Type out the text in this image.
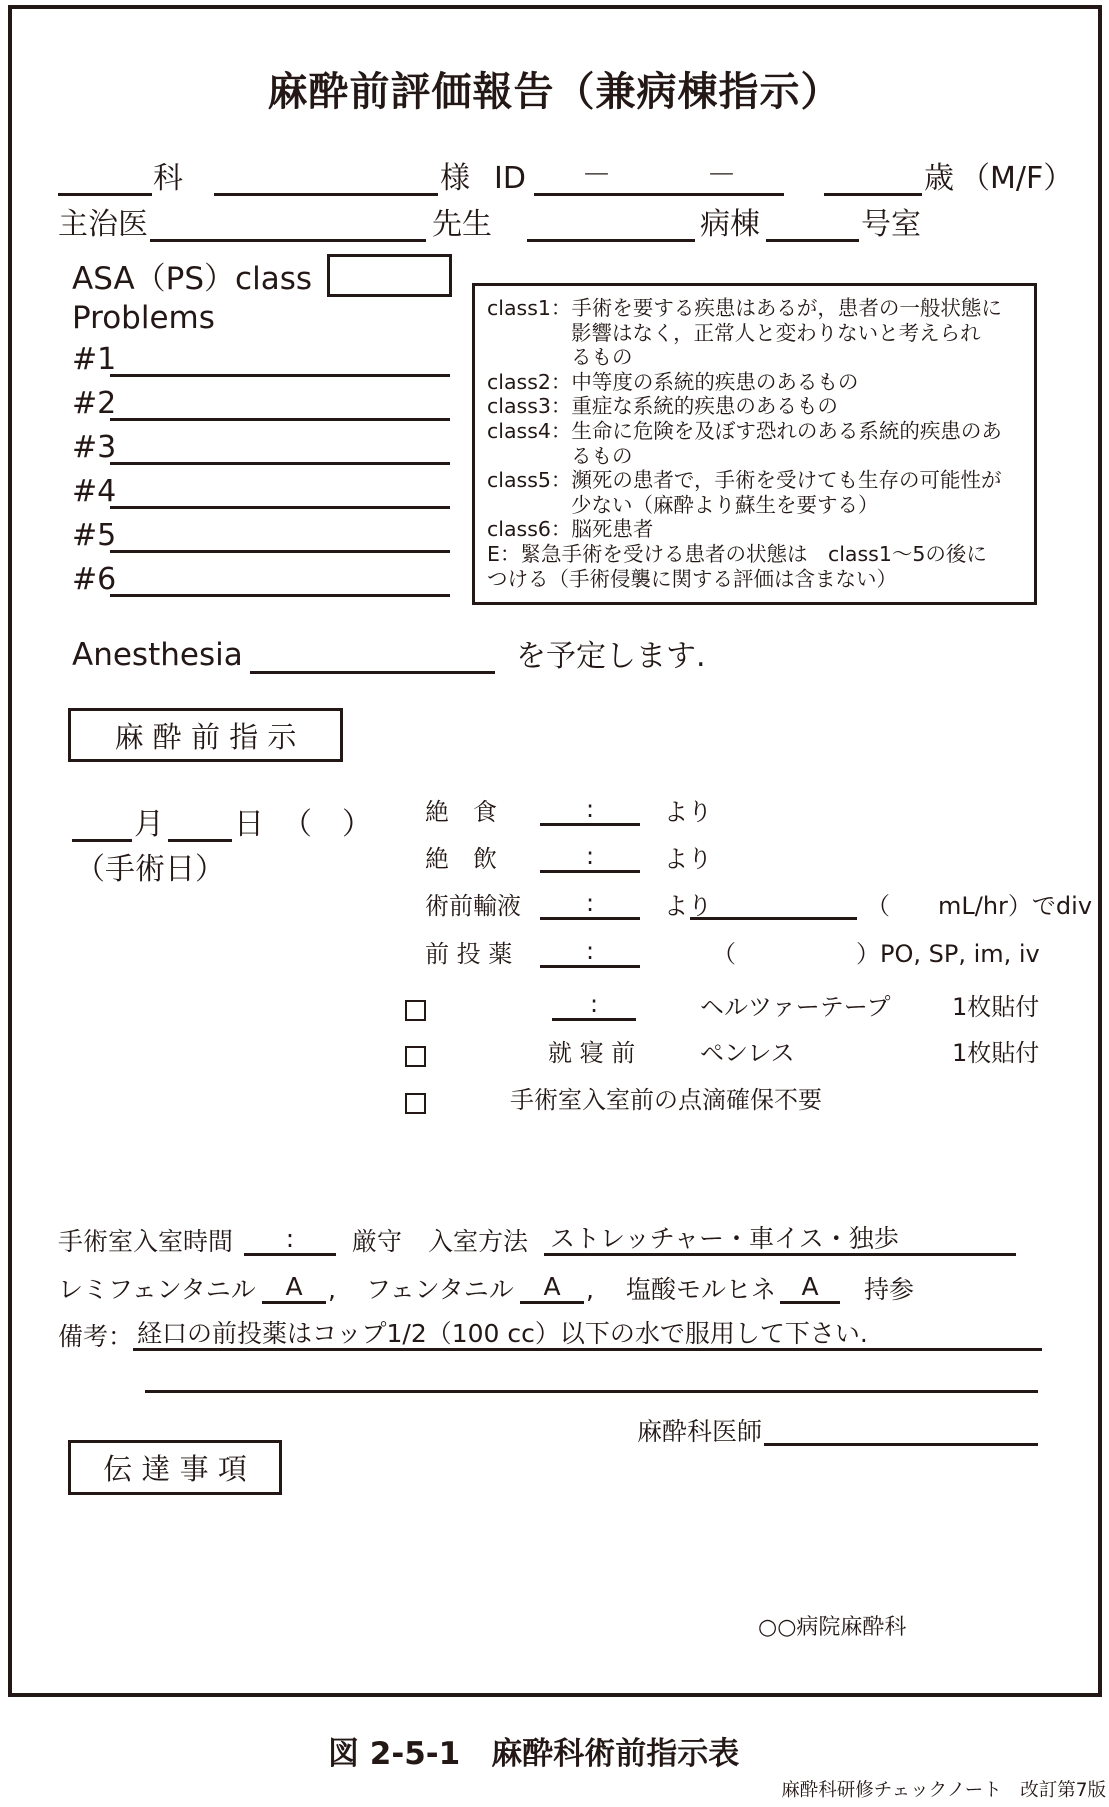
麻酔前評価報告（兼病棟指示）
科	様 ID －	－	歳 （M/F）
主治医	先生	病棟	号室
ASA（PS）class
Problems
#1
#2
#3
#4
#5
#6
class1：手術を要する疾患はあるが，患者の一般状態に
影響はなく，正常人と変わりないと考えられ
るもの
class2：中等度の系統的疾患のあるもの
class3：重症な系統的疾患のあるもの
class4：生命に危険を及ぼす恐れのある系統的疾患のあ
るもの
class5：瀕死の患者で，手術を受けても生存の可能性が
少ない（麻酔より蘇生を要する）
class6：脳死患者
E：緊急手術を受ける患者の状態は　class1～5の後に
つける（手術侵襲に関する評価は含まない）
Anesthesia	を予定します.
麻 酔 前 指 示
月 日 （　）
（手術日）
絶　食	:	より
絶　飲	:	より
術前輸液	:	より	（　　mL/hr）でdiv
前 投 薬	:	（　　　　　）PO, SP, im, iv
:	ヘルツァーテープ	1枚貼付
就 寝 前	ペンレス	1枚貼付
手術室入室前の点滴確保不要
手術室入室時間	:	厳守 入室方法 ストレッチャー・車イス・独歩
レミフェンタニル	A	, フェンタニル	A	, 塩酸モルヒネ	A	持参
備考： 経口の前投薬はコップ1/2（100 cc）以下の水で服用して下さい.
麻酔科医師
伝 達 事 項
○○病院麻酔科
図 2-5-1　麻酔科術前指示表
麻酔科研修チェックノート　改訂第7版
